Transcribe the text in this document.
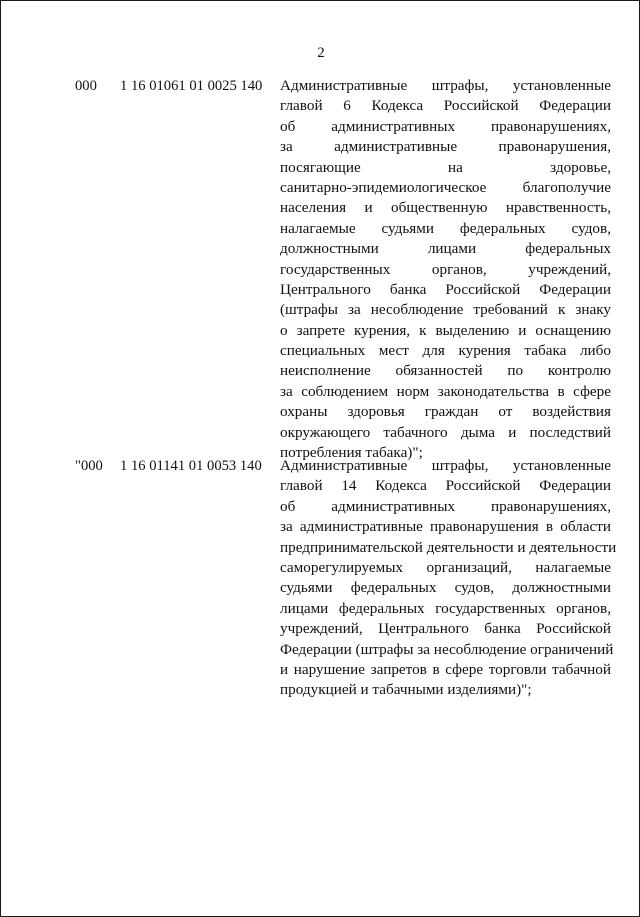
2
000 1 16 01061 01 0025 140 Административные штрафы, установленные
главой 6 Кодекса Российской Федерации
об административных правонарушениях,
за административные правонарушения,
посягающие на здоровье,
санитарно-эпидемиологическое благополучие
населения и общественную нравственность,
налагаемые судьями федеральных судов,
должностными лицами федеральных
государственных органов, учреждений,
Центрального банка Российской Федерации
(штрафы за несоблюдение требований к знаку
о запрете курения, к выделению и оснащению
специальных мест для курения табака либо
неисполнение обязанностей по контролю
за соблюдением норм законодательства в сфере
охраны здоровья граждан от воздействия
окружающего табачного дыма и последствий
потребления табака)";
"000 1 16 01141 01 0053 140 Административные штрафы, установленные
главой 14 Кодекса Российской Федерации
об административных правонарушениях,
за административные правонарушения в области
предпринимательской деятельности и деятельности
саморегулируемых организаций, налагаемые
судьями федеральных судов, должностными
лицами федеральных государственных органов,
учреждений, Центрального банка Российской
Федерации (штрафы за несоблюдение ограничений
и нарушение запретов в сфере торговли табачной
продукцией и табачными изделиями)";
